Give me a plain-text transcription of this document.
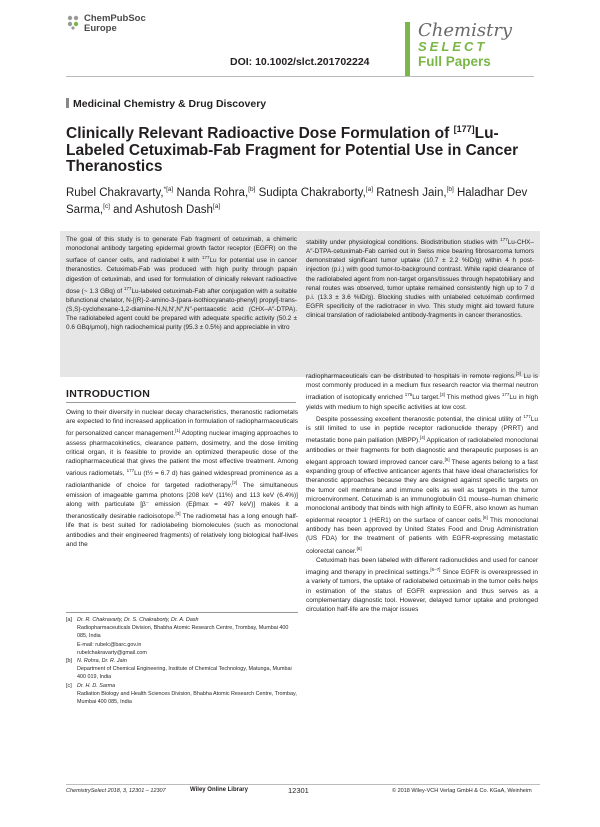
ChemPubSoc
Europe
DOI: 10.1002/slct.201702224
Chemistry
SELECT
Full Papers
Medicinal Chemistry & Drug Discovery
Clinically Relevant Radioactive Dose Formulation of [177]Lu-Labeled Cetuximab-Fab Fragment for Potential Use in Cancer Theranostics
Rubel Chakravarty,$^{*[a]}$ Nanda Rohra,[b] Sudipta Chakraborty,[a] Ratnesh Jain,[b] Haladhar Dev Sarma,[c] and Ashutosh Dash[a]
The goal of this study is to generate Fab fragment of cetuximab, a chimeric monoclonal antibody targeting epidermal growth factor receptor (EGFR) on the surface of cancer cells, and radiolabel it with $^{177}$Lu for potential use in cancer theranostics. Cetuximab-Fab was produced with high purity through papain digestion of cetuximab, and used for formulation of clinically relevant radioactive dose (~ 1.3 GBq) of $^{177}$Lu-labeled cetuximab-Fab after conjugation with a suitable bifunctional chelator, N-[(R)-2-amino-3-(para-isothiocyanato-phenyl) propyl]-trans-(S,S)-cyclohexane-1,2-diamine-N,N,N′,N″,N″-pentaacetic acid (CHX–A″-DTPA). The radiolabeled agent could be prepared with adequate specific activity (50.2 ± 0.6 GBq/μmol), high radiochemical purity (95.3 ± 0.5%) and appreciable in vitro
stability under physiological conditions. Biodistribution studies with $^{177}$Lu-CHX–A″-DTPA-cetuximab-Fab carried out in Swiss mice bearing fibrosarcoma tumors demonstrated significant tumor uptake (10.7 ± 2.2 %ID/g) within 4 h post-injection (p.i.) with good tumor-to-background contrast. While rapid clearance of the radiolabeled agent from non-target organs/tissues through hepatobiliary and renal routes was observed, tumor uptake remained consistently high up to 7 d p.i. (13.3 ± 3.6 %ID/g). Blocking studies with unlabeled cetuximab confirmed EGFR specificity of the radiotracer in vivo. This study might aid toward future clinical translation of radiolabeled antibody-fragments in cancer theranostics.
INTRODUCTION

Owing to their diversity in nuclear decay characteristics, theranostic radiometals are expected to find increased application in formulation of radiopharmaceuticals for personalized cancer management.[1] Adopting nuclear imaging approaches to assess pharmacokinetics, clearance pattern, dosimetry, and the dose limiting critical organ, it is feasible to provide an optimized therapeutic dose of the radiopharmaceutical that gives the patient the most effective treatment. Among various radiometals, $^{177}$Lu (t½ = 6.7 d) has gained widespread prominence as a radiolanthanide of choice for targeted radiotherapy.[2] The simultaneous emission of imageable gamma photons [208 keV (11%) and 113 keV (6.4%)] along with particulate [β⁻ emission (Eβmax = 497 keV)] makes it a theranostically desirable radioisotope.[3] The radiometal has a long enough half-life that is best suited for radiolabeling biomolecules (such as monoclonal antibodies and their engineered fragments) of relatively long biological half-lives and the

radiopharmaceuticals can be distributed to hospitals in remote regions.[3] Lu is most commonly produced in a medium flux research reactor via thermal neutron irradiation of isotopically enriched $^{176}$Lu target.[3] This method gives $^{177}$Lu in high yields with medium to high specific activities at low cost.

Despite possessing excellent theranostic potential, the clinical utility of $^{177}$Lu is still limited to use in peptide receptor radionuclide therapy (PRRT) and metastatic bone pain palliation (MBPP).[4] Application of radiolabeled monoclonal antibodies or their fragments for both diagnostic and therapeutic purposes is an elegant approach toward improved cancer care.[5] These agents belong to a fast expanding group of effective anticancer agents that have ideal characteristics for theranostic approaches because they are designed against specific targets on the tumor cell membrane and immune cells as well as targets in the tumor microenvironment. Cetuximab is an immunoglobulin G1 mouse–human chimeric monoclonal antibody that binds with high affinity to EGFR, also known as human epidermal receptor 1 (HER1) on the surface of cancer cells.[6] This monoclonal antibody has been approved by United States Food and Drug Administration (US FDA) for the treatment of patients with EGFR-expressing metastatic colorectal cancer.[6]

Cetuximab has been labeled with different radionuclides and used for cancer imaging and therapy in preclinical settings.[6–7] Since EGFR is overexpressed in a variety of tumors, the uptake of radiolabeled cetuximab in the tumor cells helps in estimation of the status of EGFR expression and thus serves as a complementary diagnostic tool. However, delayed tumor uptake and prolonged circulation half-life are the major issues

[a] Dr. R. Chakravarty, Dr. S. Chakraborty, Dr. A. Dash
Radiopharmaceuticals Division, Bhabha Atomic Research Centre, Trombay, Mumbai 400 085, India
E-mail: rubelc@barc.gov.in
rubelchakravarty@gmail.com
[b] N. Rohra, Dr. R. Jain
Department of Chemical Engineering, Institute of Chemical Technology, Matunga, Mumbai 400 019, India
[c] Dr. H. D. Sarma
Radiation Biology and Health Sciences Division, Bhabha Atomic Research Centre, Trombay, Mumbai 400 085, India
ChemistrySelect 2018, 3, 12301 – 12307	Wiley Online Library	12301	© 2018 Wiley-VCH Verlag GmbH & Co. KGaA, Weinheim
